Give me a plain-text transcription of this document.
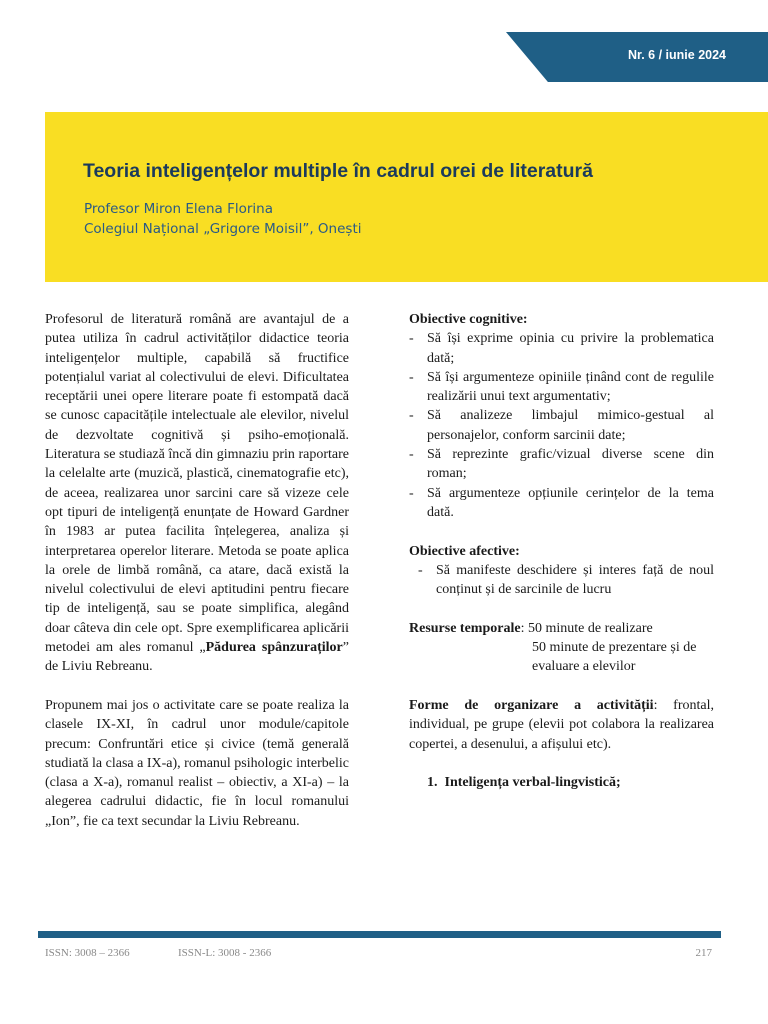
Nr. 6 / iunie 2024
Teoria inteligențelor multiple în cadrul orei de literatură
Profesor Miron Elena Florina
Colegiul Național „Grigore Moisil”, Onești

Profesorul de literatură română are avantajul de a putea utiliza în cadrul activităților didactice teoria inteligențelor multiple, capabilă să fructifice potențialul variat al colectivului de elevi. Dificultatea receptării unei opere literare poate fi estompată dacă se cunosc capacitățile intelectuale ale elevilor, nivelul de dezvoltate cognitivă și psiho-emoțională. Literatura se studiază încă din gimnaziu prin raportare la celelalte arte (muzică, plastică, cinematografie etc), de aceea, realizarea unor sarcini care să vizeze cele opt tipuri de inteligență enunțate de Howard Gardner în 1983 ar putea facilita înțelegerea, analiza și interpretarea operelor literare. Metoda se poate aplica la orele de limbă română, ca atare, dacă există la nivelul colectivului de elevi aptitudini pentru fiecare tip de inteligență, sau se poate simplifica, alegând doar câteva din cele opt. Spre exemplificarea aplicării metodei am ales romanul „Pădurea spânzuraților” de Liviu Rebreanu.

Propunem mai jos o activitate care se poate realiza la clasele IX-XI, în cadrul unor module/capitole precum: Confruntări etice și civice (temă generală studiată la clasa a IX-a), romanul psihologic interbelic (clasa a X-a), romanul realist – obiectiv, a XI-a) – la alegerea cadrului didactic, fie în locul romanului „Ion”, fie ca text secundar la Liviu Rebreanu.

Obiective cognitive:

- Să își exprime opinia cu privire la problematica dată;
- Să își argumenteze opiniile ținând cont de regulile realizării unui text argumentativ;
- Să analizeze limbajul mimico-gestual al personajelor, conform sarcinii date;
- Să reprezinte grafic/vizual diverse scene din roman;
- Să argumenteze opțiunile cerințelor de la tema dată.

Obiective afective:

- Să manifeste deschidere și interes față de noul conținut și de sarcinile de lucru

Resurse temporale: 50 minute de realizare

50 minute de prezentare și de evaluare a elevilor

Forme de organizare a activității: frontal, individual, pe grupe (elevii pot colabora la realizarea copertei, a desenului, a afișului etc).

1. Inteligența verbal-lingvistică;

ISSN: 3008 – 2366	ISSN-L: 3008 - 2366	217
